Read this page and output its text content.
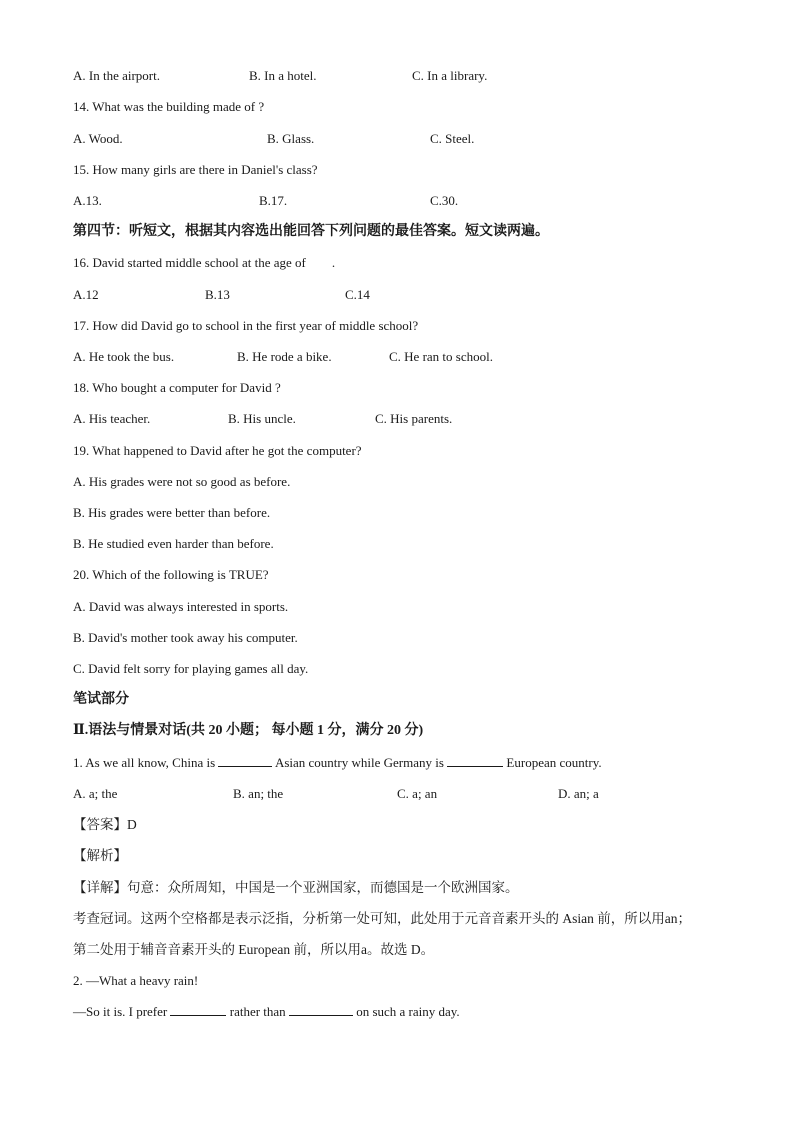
A. In the airport.	B. In a hotel.	C. In a library.
14. What was the building made of ?
A. Wood.	B. Glass.	C. Steel.
15. How many girls are there in Daniel's class?
A.13.	B.17.	C.30.
第四节：听短文，根据其内容选出能回答下列问题的最佳答案。短文读两遍。
16. David started middle school at the age of .
A.12	B.13	C.14
17. How did David go to school in the first year of middle school?
A. He took the bus.	B. He rode a bike.	C. He ran to school.
18. Who bought a computer for David ?
A. His teacher.	B. His uncle.	C. His parents.
19. What happened to David after he got the computer?
A. His grades were not so good as before.
B. His grades were better than before.
B. He studied even harder than before.
20. Which of the following is TRUE?
A. David was always interested in sports.
B. David's mother took away his computer.
C. David felt sorry for playing games all day.
笔试部分
Ⅱ.语法与情景对话(共 20 小题； 每小题 1 分，满分 20 分)
1. As we all know, China is	Asian country while Germany is	European country.
A. a; the	B. an; the	C. a; an	D. an; a
【答案】D
【解析】
【详解】句意：众所周知，中国是一个亚洲国家，而德国是一个欧洲国家。
考查冠词。这两个空格都是表示泛指，分析第一处可知，此处用于元音音素开头的 Asian 前，所以用an；
第二处用于辅音音素开头的 European 前，所以用a。故选 D。
2. —What a heavy rain!
—So it is. I prefer	rather than	on such a rainy day.
